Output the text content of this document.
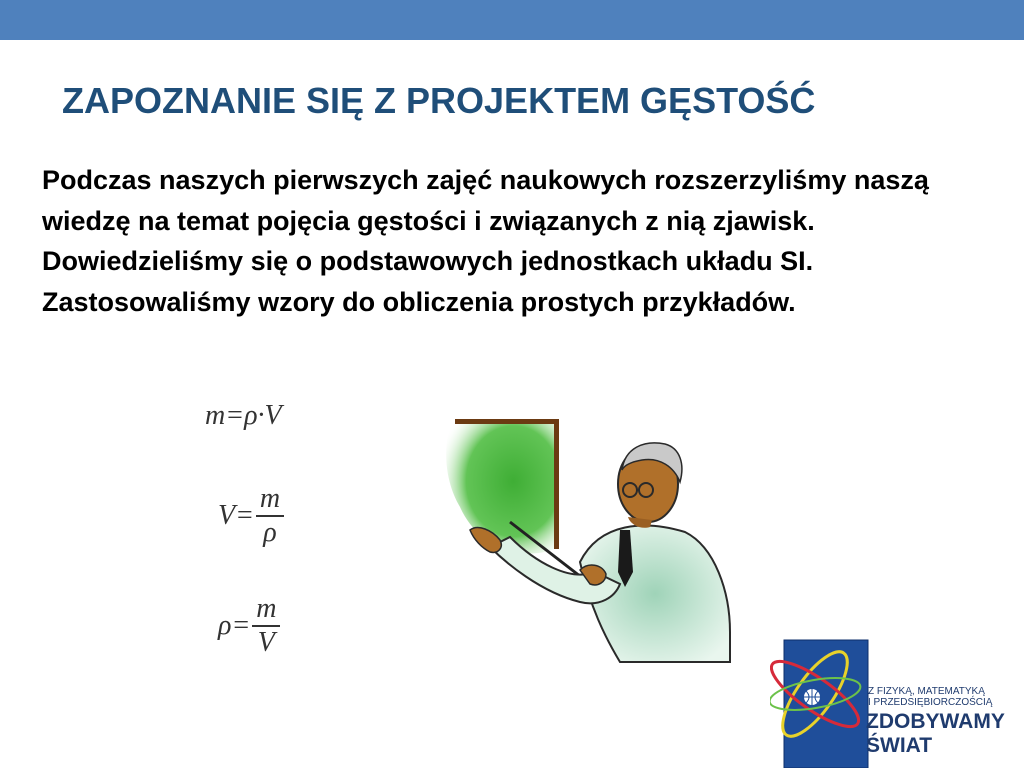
ZAPOZNANIE SIĘ Z PROJEKTEM GĘSTOŚĆ
Podczas naszych pierwszych zajęć naukowych rozszerzyliśmy naszą wiedzę na temat pojęcia gęstości i związanych z nią zjawisk. Dowiedzieliśmy się o podstawowych jednostkach układu SI. Zastosowaliśmy wzory do obliczenia prostych przykładów.
m=ρ·V
$V= \frac{m}{\rho}$
$\rho= \frac{m}{V}$
Z FIZYKĄ, MATEMATYKĄ
I PRZEDSIĘBIORCZOŚCIĄ
ZDOBYWAMY
ŚWIAT
